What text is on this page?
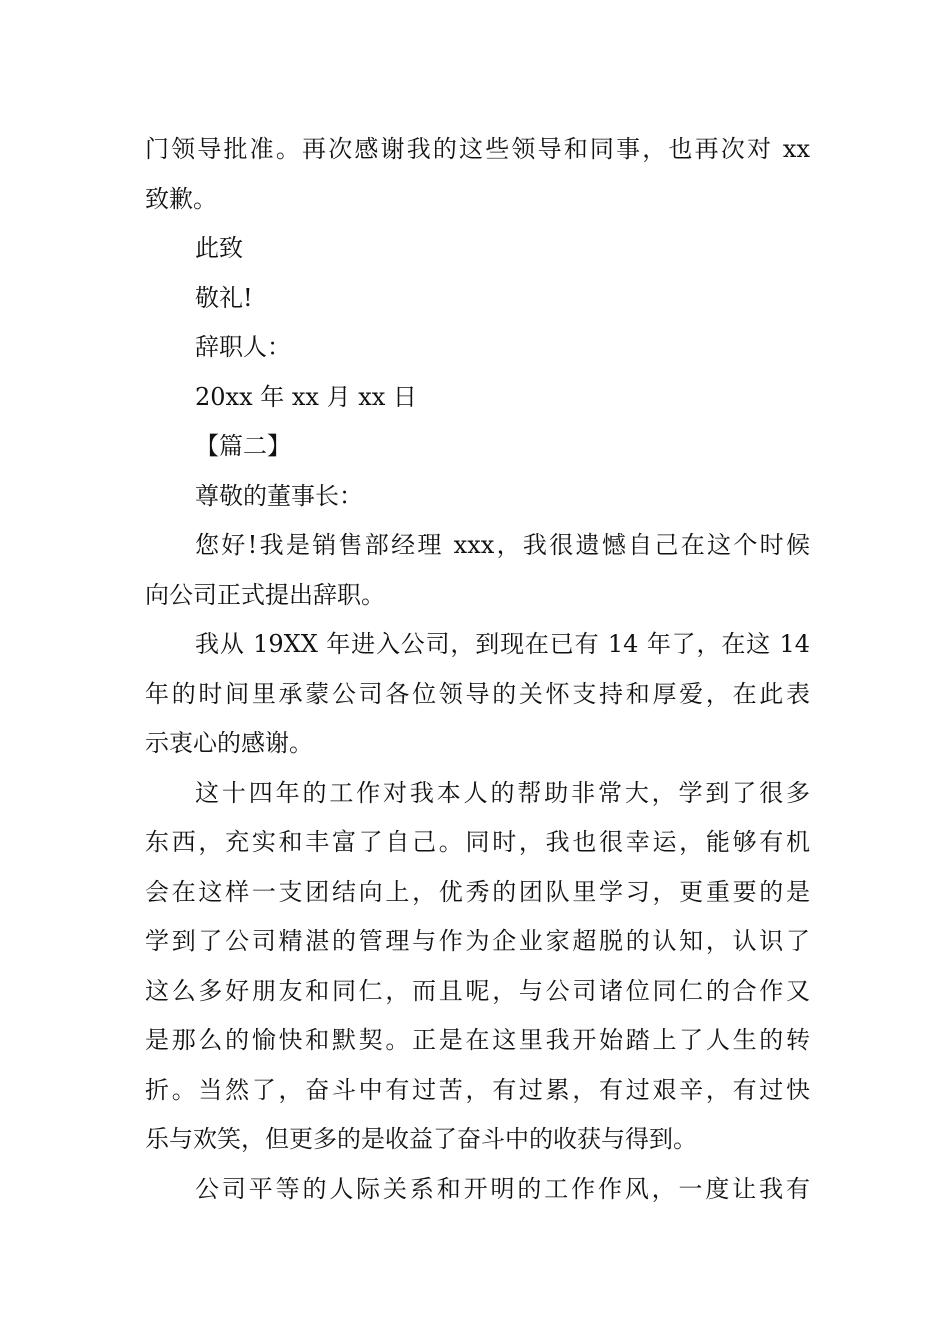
门领导批准。再次感谢我的这些领导和同事，也再次对 xx
致歉。
此致
敬礼!
辞职人：
20xx 年 xx 月 xx 日
【篇二】
尊敬的董事长：
您好!我是销售部经理 xxx，我很遗憾自己在这个时候
向公司正式提出辞职。
我从 19XX 年进入公司，到现在已有 14 年了，在这 14
年的时间里承蒙公司各位领导的关怀支持和厚爱，在此表
示衷心的感谢。
这十四年的工作对我本人的帮助非常大，学到了很多
东西，充实和丰富了自己。同时，我也很幸运，能够有机
会在这样一支团结向上，优秀的团队里学习，更重要的是
学到了公司精湛的管理与作为企业家超脱的认知，认识了
这么多好朋友和同仁，而且呢，与公司诸位同仁的合作又
是那么的愉快和默契。正是在这里我开始踏上了人生的转
折。当然了，奋斗中有过苦，有过累，有过艰辛，有过快
乐与欢笑，但更多的是收益了奋斗中的收获与得到。
公司平等的人际关系和开明的工作作风，一度让我有
